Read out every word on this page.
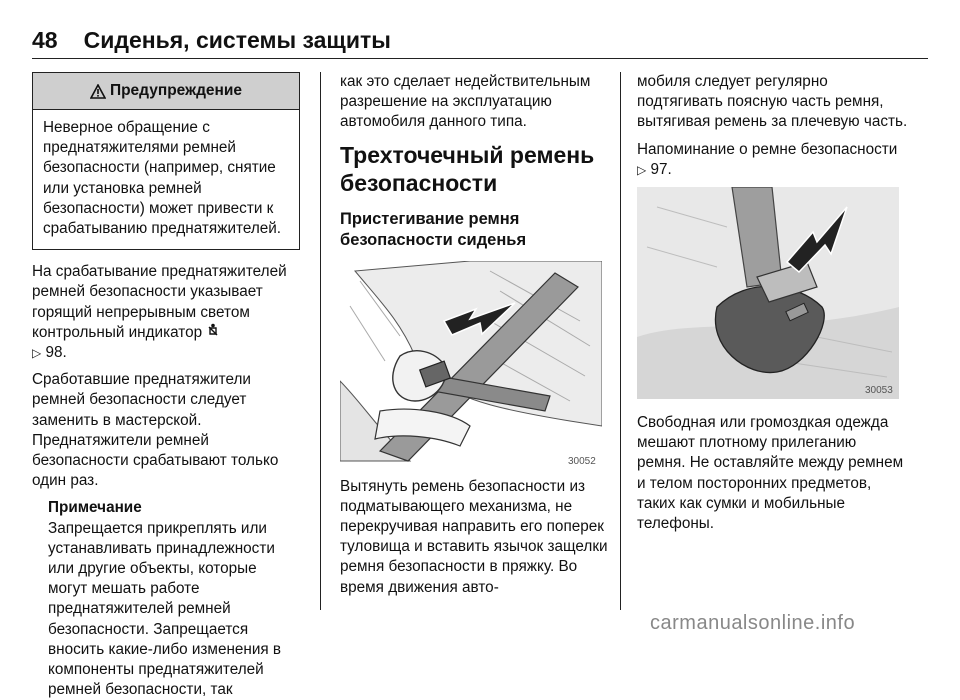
48 Сиденья, системы защиты
Предупреждение
Неверное обращение с преднатяжителями ремней безопасности (например, снятие или установка ремней безопасности) может привести к срабатыванию преднатяжителей.

На срабатывание преднатяжителей ремней безопасности указывает горящий непрерывным светом контрольный индикатор
▷ 98.

Сработавшие преднатяжители ремней безопасности следует заменить в мастерской. Преднатяжители ремней безопасности срабатывают только один раз.

Примечание
Запрещается прикреплять или устанавливать принадлежности или другие объекты, которые могут мешать работе преднатяжителей ремней безопасности. Запрещается вносить какие-либо изменения в компоненты преднатяжителей ремней безопасности, так

как это сделает недействительным разрешение на эксплуатацию автомобиля данного типа.

Трехточечный ремень безопасности
Пристегивание ремня безопасности сиденья
30052

Вытянуть ремень безопасности из подматывающего механизма, не перекручивая направить его поперек туловища и вставить язычок защелки ремня безопасности в пряжку. Во время движения авто-

мобиля следует регулярно подтягивать поясную часть ремня, вытягивая ремень за плечевую часть.

Напоминание о ремне безопасности ▷ 97.

30053

Свободная или громоздкая одежда мешают плотному прилеганию ремня. Не оставляйте между ремнем и телом посторонних предметов, таких как сумки и мобильные телефоны.

carmanualsonline.info
